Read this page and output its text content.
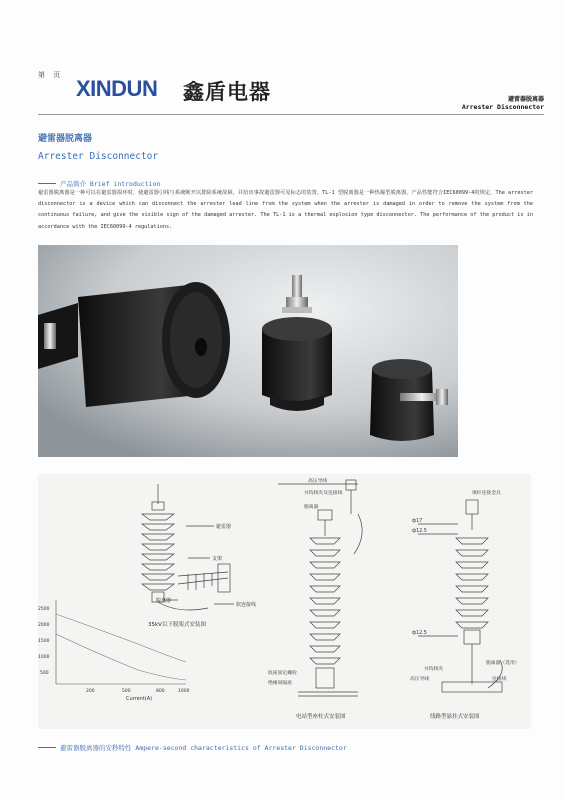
第 页
XINDUN 鑫盾电器	避雷器脱离器
Arrester Disconnector
避雷器脱离器
Arrester Disconnector
产品简介
Brief introduction
避雷器脱离器是一种可以在避雷器损坏时，使避雷器引线与系统断开以排除系统故障，并给出事故避雷器可见标志的装置。TL-1 型脱离器是一种热爆型脱离器，产品性能符合IEC60099-4的规定。The arrester disconnector is a device which can disconnect the arrester lead line from the system when the arrester is damaged in order to remove the system from the continuous failure, and give the visible sign of the damaged arrester. The TL-1 is a thermal explosion type disconnector. The performance of the product is in accordance with the IEC60099-4 regulations.
避雷器
支架
脱离器
软连接线
35kV以下脱架式安装图
2500
2000
1500
1000
500
200	500	800	1000
Current(A)
高压导线
并钩线夹及连接线
脱离器
底座固定螺栓
绝缘间隔座
电站型座柱式安装图
填杆连接金具
ф17
ф12.5
ф12.5
并钩线夹
脱离器（选用）
高压导线	连接线
线路型悬挂式安装图
避雷器脱离器的安秒特性
Ampere-second characteristics of Arrester Disconnector
